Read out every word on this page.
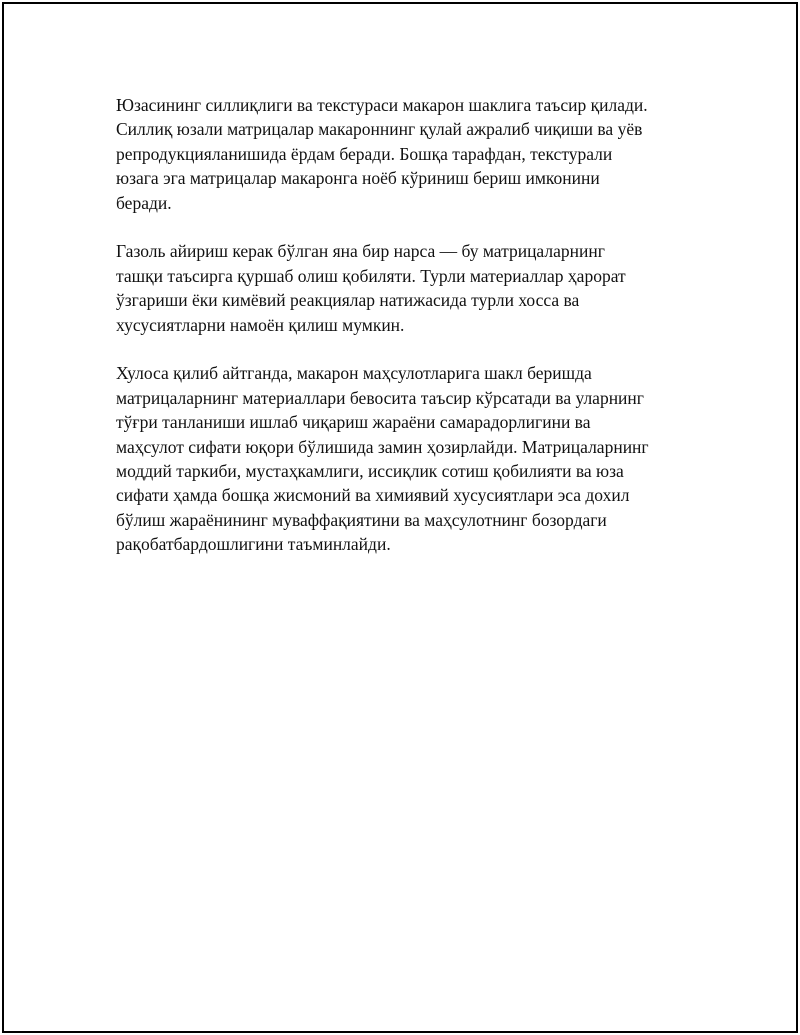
Юзасининг силлиқлиги ва текстураси макарон шаклига таъсир қилади.
Силлиқ юзали матрицалар макароннинг қулай ажралиб чиқиши ва уёв
репродукцияланишида ёрдам беради. Бошқа тарафдан, текстурали
юзага эга матрицалар макаронга ноёб кўриниш бериш имконини
беради.

Газоль айириш керак бўлган яна бир нарса — бу матрицаларнинг
ташқи таъсирга қуршаб олиш қобиляти. Турли материаллар ҳарорат
ўзгариши ёки кимёвий реакциялар натижасида турли хосса ва
хусусиятларни намоён қилиш мумкин.

Хулоса қилиб айтганда, макарон маҳсулотларига шакл беришда
матрицаларнинг материаллари бевосита таъсир кўрсатади ва уларнинг
тўғри танланиши ишлаб чиқариш жараёни самарадорлигини ва
маҳсулот сифати юқори бўлишида замин ҳозирлайди. Матрицаларнинг
моддий таркиби, мустаҳкамлиги, иссиқлик сотиш қобилияти ва юза
сифати ҳамда бошқа жисмоний ва химиявий хусусиятлари эса дохил
бўлиш жараёнининг муваффақиятини ва маҳсулотнинг бозордаги
рақобатбардошлигини таъминлайди.
